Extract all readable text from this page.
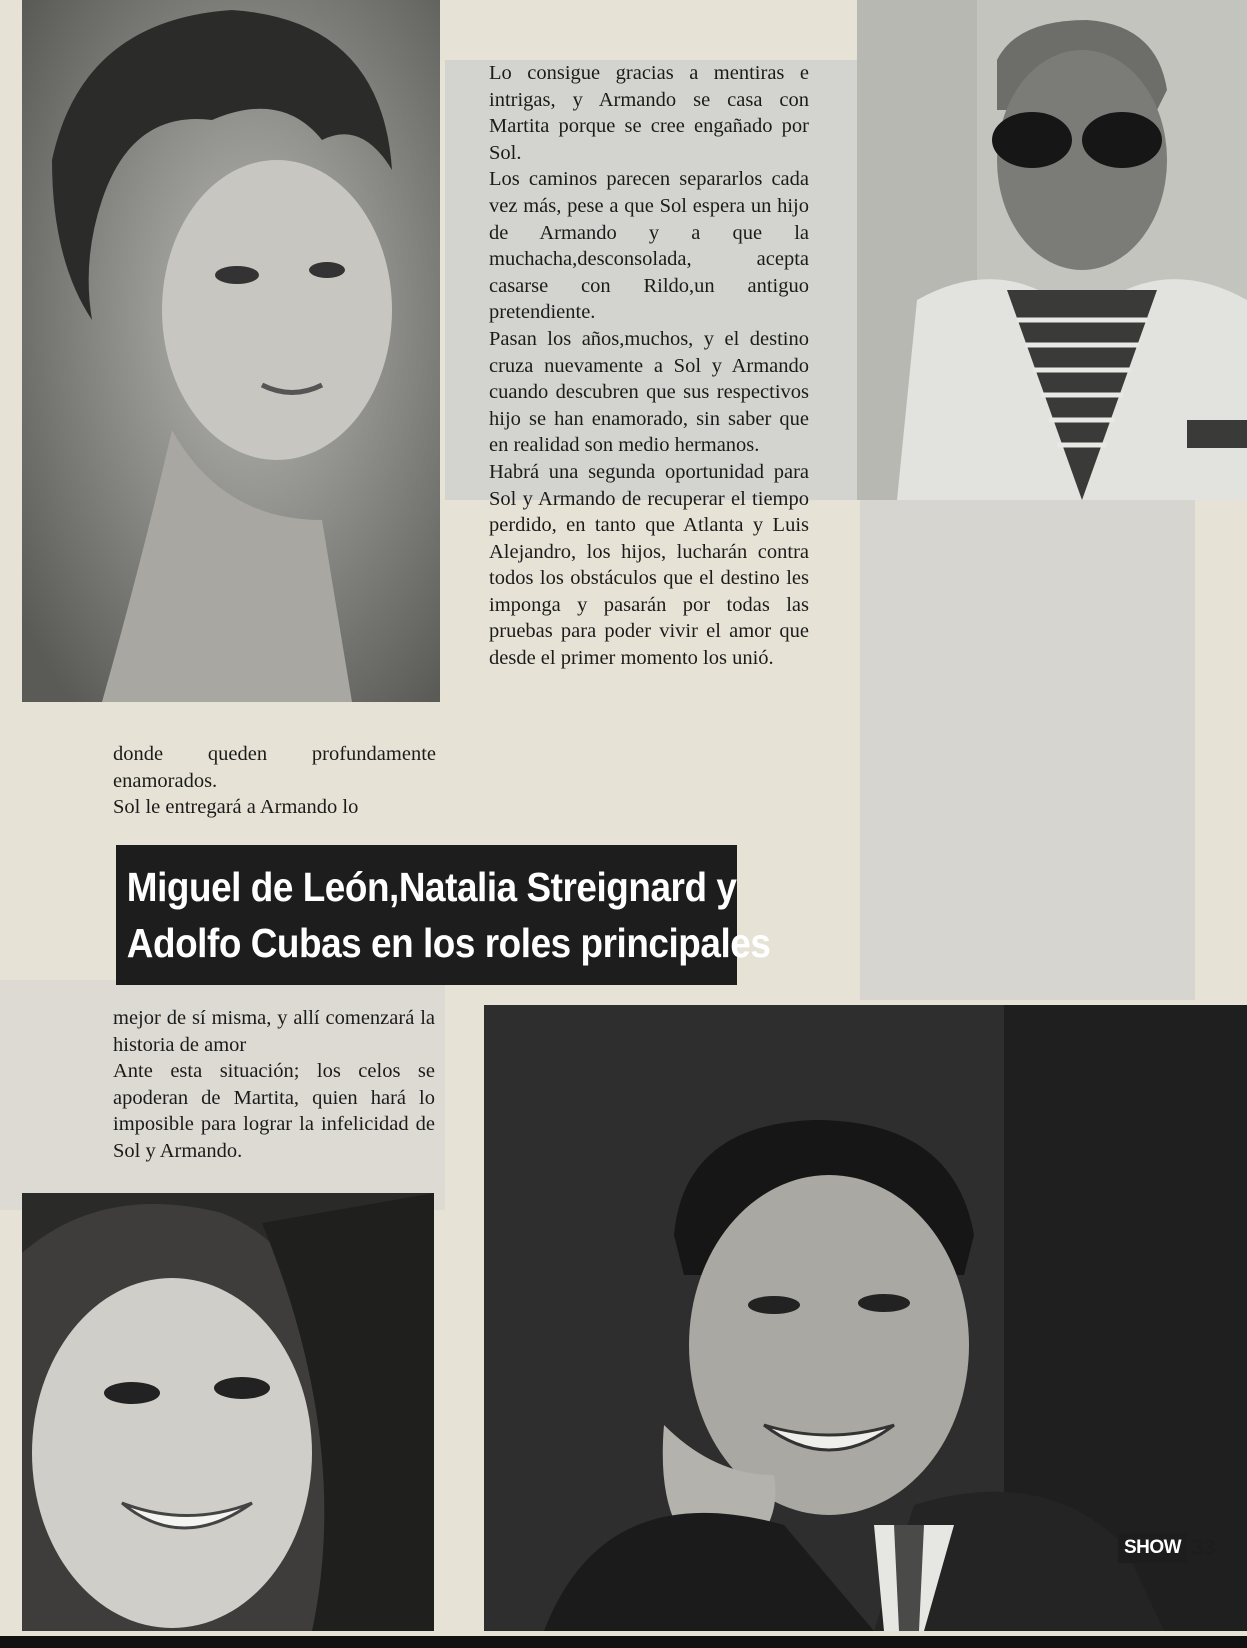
donde queden profundamente enamorados.

Sol le entregará a Armando lo

Lo consigue gracias a mentiras e intrigas, y Armando se casa con Martita porque se cree engañado por Sol.

Los caminos parecen separarlos cada vez más, pese a que Sol espera un hijo de Armando y a que la muchacha,desconsolada, acepta casarse con Rildo,un antiguo pretendiente.

Pasan los años,muchos, y el destino cruza nuevamente a Sol y Armando cuando descubren que sus respectivos hijo se han enamorado, sin saber que en realidad son medio hermanos.

Habrá una segunda oportunidad para Sol y Armando de recuperar el tiempo perdido, en tanto que Atlanta y Luis Alejandro, los hijos, lucharán contra todos los obstáculos que el destino les imponga y pasarán por todas las pruebas para poder vivir el amor que desde el primer momento los unió.

Miguel de León,Natalia Streignard y
Adolfo Cubas en los roles principales

mejor de sí misma, y allí comenzará la historia de amor

Ante esta situación; los celos se apoderan de Martita, quien hará lo imposible para lograr la infelicidad de Sol y Armando.

SHOW 33
